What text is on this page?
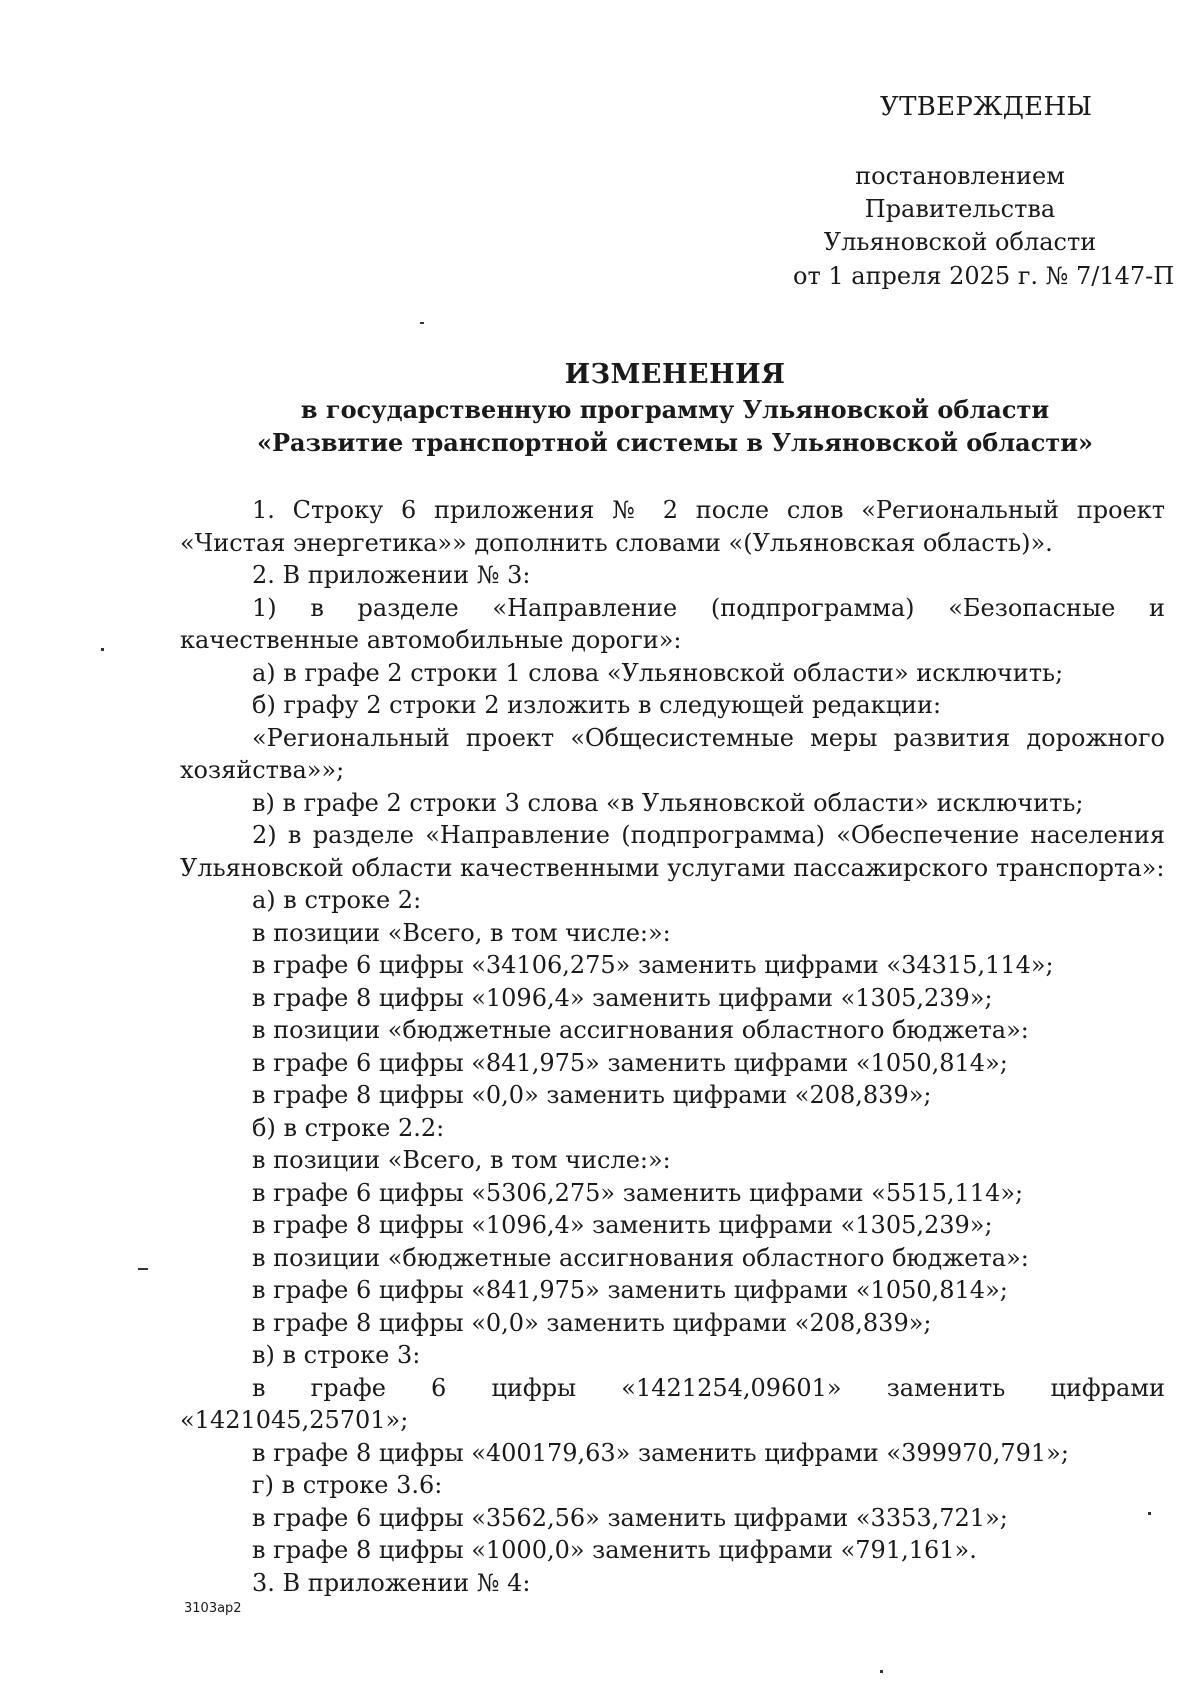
УТВЕРЖДЕНЫ
постановлением Правительства
Ульяновской области
от 1 апреля 2025 г. № 7/147-П
ИЗМЕНЕНИЯ
в государственную программу Ульяновской области
«Развитие транспортной системы в Ульяновской области»

1. Строку 6 приложения № 2 после слов «Региональный проект «Чистая энергетика»» дополнить словами «(Ульяновская область)».

2. В приложении № 3:

1) в разделе «Направление (подпрограмма) «Безопасные и качественные автомобильные дороги»:

а) в графе 2 строки 1 слова «Ульяновской области» исключить;

б) графу 2 строки 2 изложить в следующей редакции:

«Региональный проект «Общесистемные меры развития дорожного хозяйства»»;

в) в графе 2 строки 3 слова «в Ульяновской области» исключить;

2) в разделе «Направление (подпрограмма) «Обеспечение населения Ульяновской области качественными услугами пассажирского транспорта»:

а) в строке 2:

в позиции «Всего, в том числе:»:

в графе 6 цифры «34106,275» заменить цифрами «34315,114»;

в графе 8 цифры «1096,4» заменить цифрами «1305,239»;

в позиции «бюджетные ассигнования областного бюджета»:

в графе 6 цифры «841,975» заменить цифрами «1050,814»;

в графе 8 цифры «0,0» заменить цифрами «208,839»;

б) в строке 2.2:

в позиции «Всего, в том числе:»:

в графе 6 цифры «5306,275» заменить цифрами «5515,114»;

в графе 8 цифры «1096,4» заменить цифрами «1305,239»;

в позиции «бюджетные ассигнования областного бюджета»:

в графе 6 цифры «841,975» заменить цифрами «1050,814»;

в графе 8 цифры «0,0» заменить цифрами «208,839»;

в) в строке 3:

в графе 6 цифры «1421254,09601» заменить цифрами «1421045,25701»;

в графе 8 цифры «400179,63» заменить цифрами «399970,791»;

г) в строке 3.6:

в графе 6 цифры «3562,56» заменить цифрами «3353,721»;

в графе 8 цифры «1000,0» заменить цифрами «791,161».

3. В приложении № 4:

3103ар2
